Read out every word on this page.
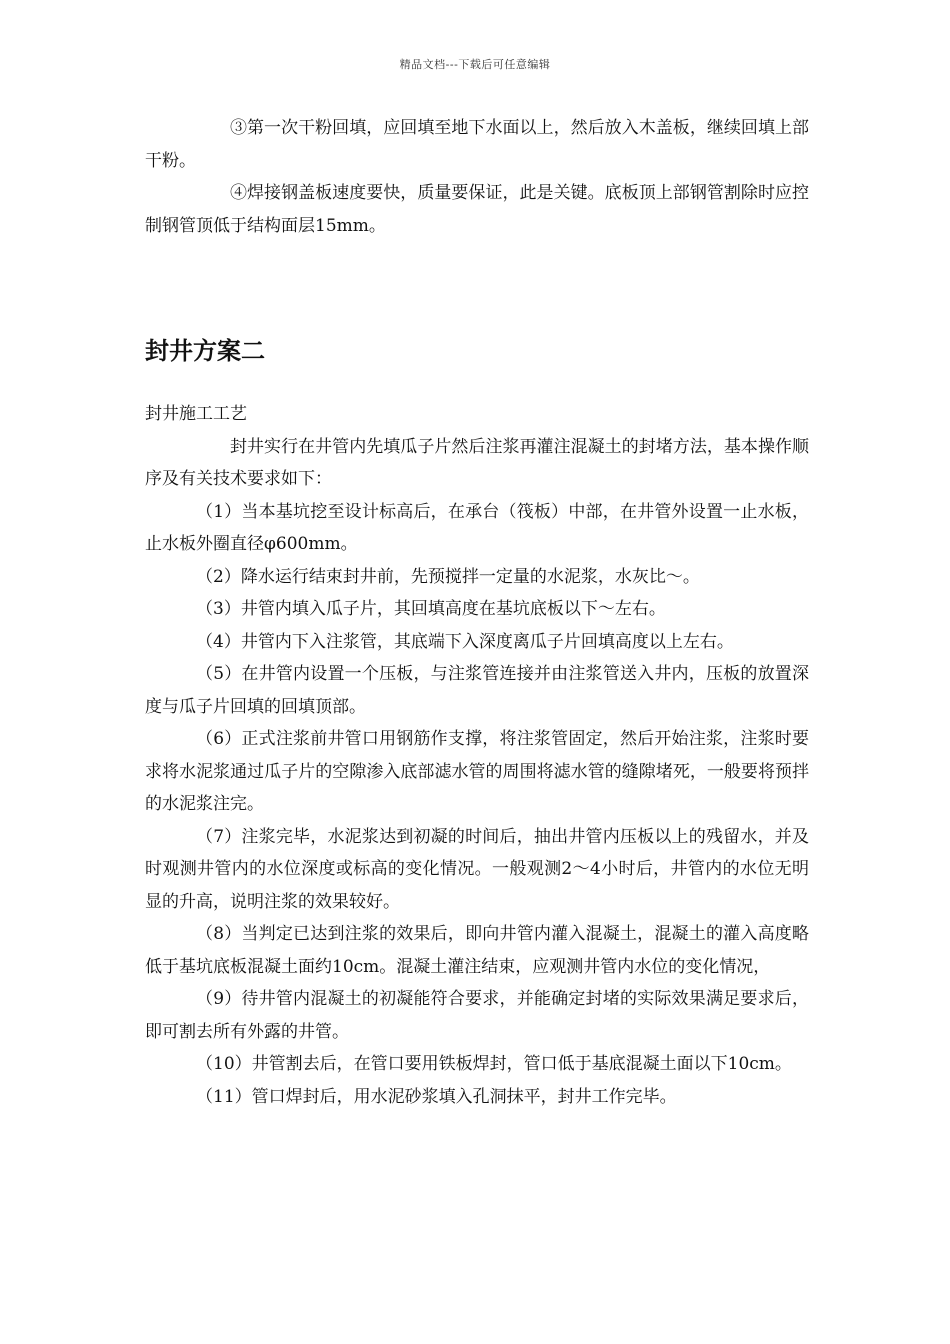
精品文档---下载后可任意编辑

③第一次干粉回填，应回填至地下水面以上，然后放入木盖板，继续回填上部干粉。

④焊接钢盖板速度要快，质量要保证，此是关键。底板顶上部钢管割除时应控制钢管顶低于结构面层15mm。

封井方案二

封井施工工艺

封井实行在井管内先填瓜子片然后注浆再灌注混凝土的封堵方法，基本操作顺序及有关技术要求如下：

（1）当本基坑挖至设计标高后，在承台（筏板）中部，在井管外设置一止水板，止水板外圈直径φ600mm。

（2）降水运行结束封井前，先预搅拌一定量的水泥浆，水灰比～。

（3）井管内填入瓜子片，其回填高度在基坑底板以下～左右。

（4）井管内下入注浆管，其底端下入深度离瓜子片回填高度以上左右。

（5）在井管内设置一个压板，与注浆管连接并由注浆管送入井内，压板的放置深度与瓜子片回填的回填顶部。

（6）正式注浆前井管口用钢筋作支撑，将注浆管固定，然后开始注浆，注浆时要求将水泥浆通过瓜子片的空隙渗入底部滤水管的周围将滤水管的缝隙堵死，一般要将预拌的水泥浆注完。

（7）注浆完毕，水泥浆达到初凝的时间后，抽出井管内压板以上的残留水，并及时观测井管内的水位深度或标高的变化情况。一般观测2～4小时后，井管内的水位无明显的升高，说明注浆的效果较好。

（8）当判定已达到注浆的效果后，即向井管内灌入混凝土，混凝土的灌入高度略低于基坑底板混凝土面约10cm。混凝土灌注结束，应观测井管内水位的变化情况，

（9）待井管内混凝土的初凝能符合要求，并能确定封堵的实际效果满足要求后，即可割去所有外露的井管。

（10）井管割去后，在管口要用铁板焊封，管口低于基底混凝土面以下10cm。

（11）管口焊封后，用水泥砂浆填入孔洞抹平，封井工作完毕。
